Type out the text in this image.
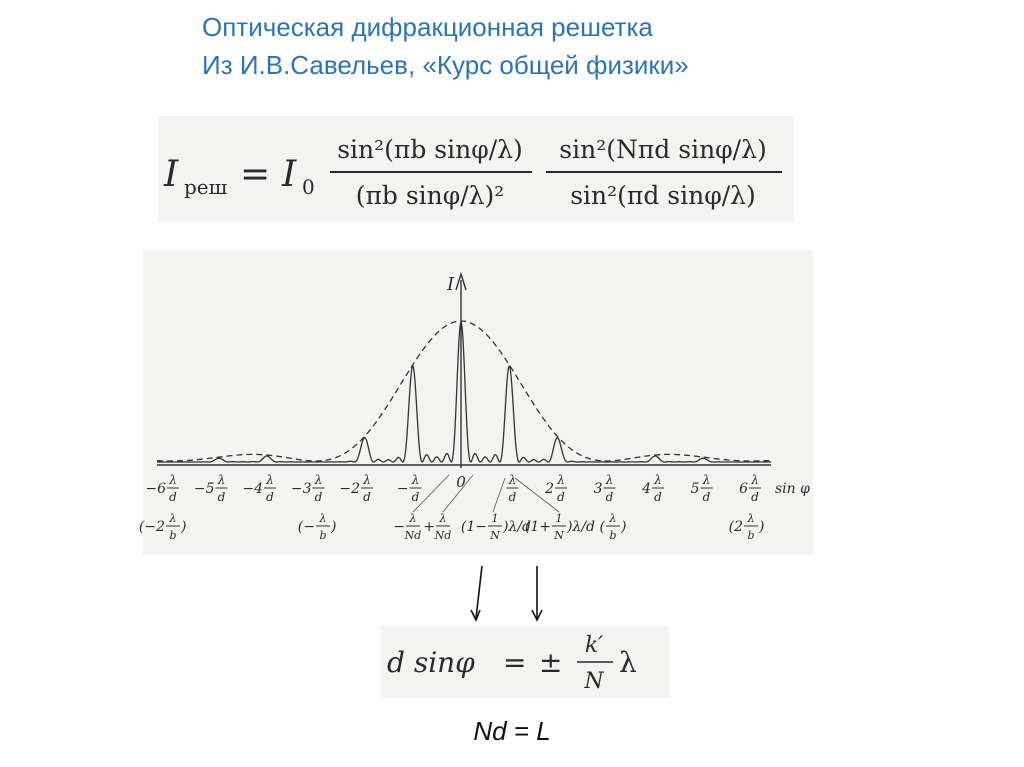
Оптическая дифракционная решетка
Из И.В.Савельев, «Курс общей физики»
I реш = I 0
sin²(πb sinφ/λ)
(πb sinφ/λ)²
sin²(Nπd sinφ/λ)
sin²(πd sinφ/λ)
I
sin φ
−6
λ
d −5
λ
d −4
λ
d −3
λ
d −2
λ
d −
λ
d
0	λ
d 2
λ
d 3
λ
d 4
λ
d 5
λ
d 6
λ
d
(−2
λ
b
)	(−
λ
b
)	−
λ
Nd
+
λ
Nd
(1−
1
N
)λ/d
(1+
1
N
)λ/d (
λ
b
)	(2
λ
b
)
d sinφ = ±
k′
N
λ
Nd = L
